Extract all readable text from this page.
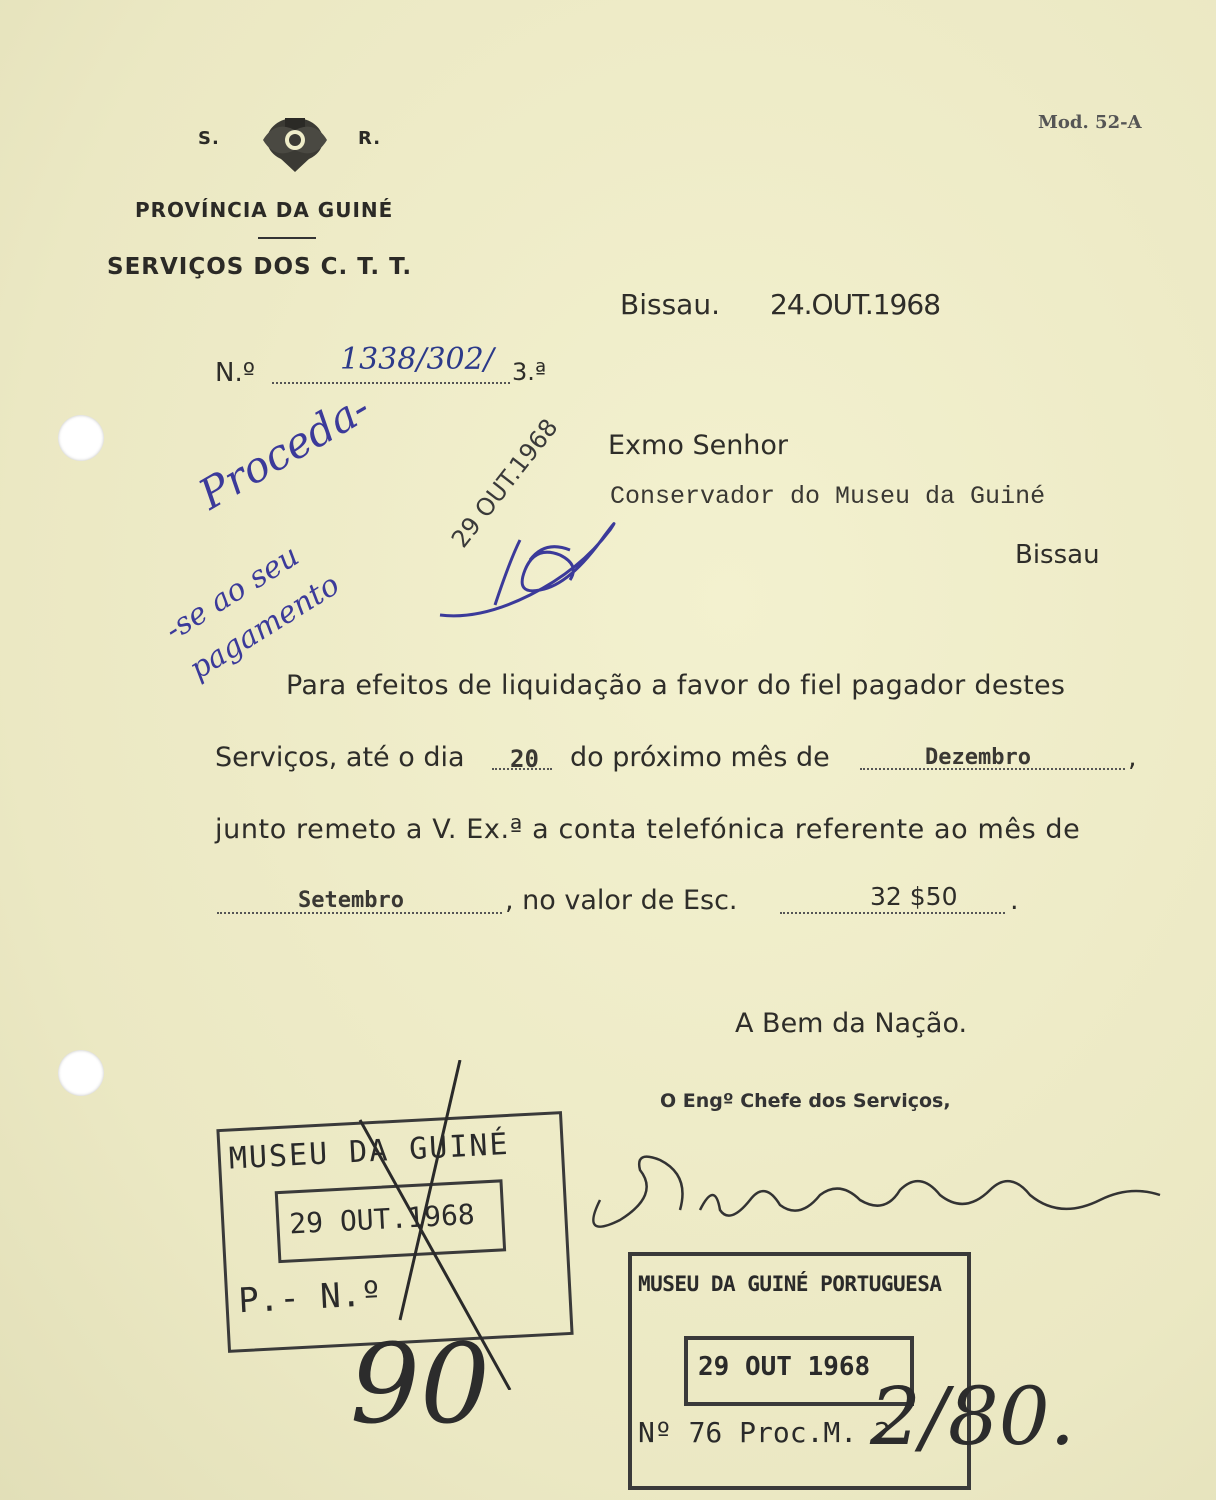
S.	R.
PROVÍNCIA DA GUINÉ
SERVIÇOS DOS C. T. T.
Mod. 52-A
Bissau. 24.OUT.1968
N.º	1338/302/ 3.ª
Exmo Senhor
Conservador do Museu da Guiné
Bissau
Proceda-
-se ao seu pagamento
29 OUT.1968
Para efeitos de liquidação a favor do fiel pagador destes
Serviços, até o dia 20 do próximo mês de	Dezembro	,
junto remeto a V. Ex.ª a conta telefónica referente ao mês de
Setembro	, no valor de Esc.	32 $50 .
A Bem da Nação.
O Engº Chefe dos Serviços,
MUSEU DA GUINÉ
29 OUT.1968
P.- N.º	MUSEU DA GUINÉ PORTUGUESA
29 OUT 1968
Nº 76 Proc.M. 2
90	2/80.
